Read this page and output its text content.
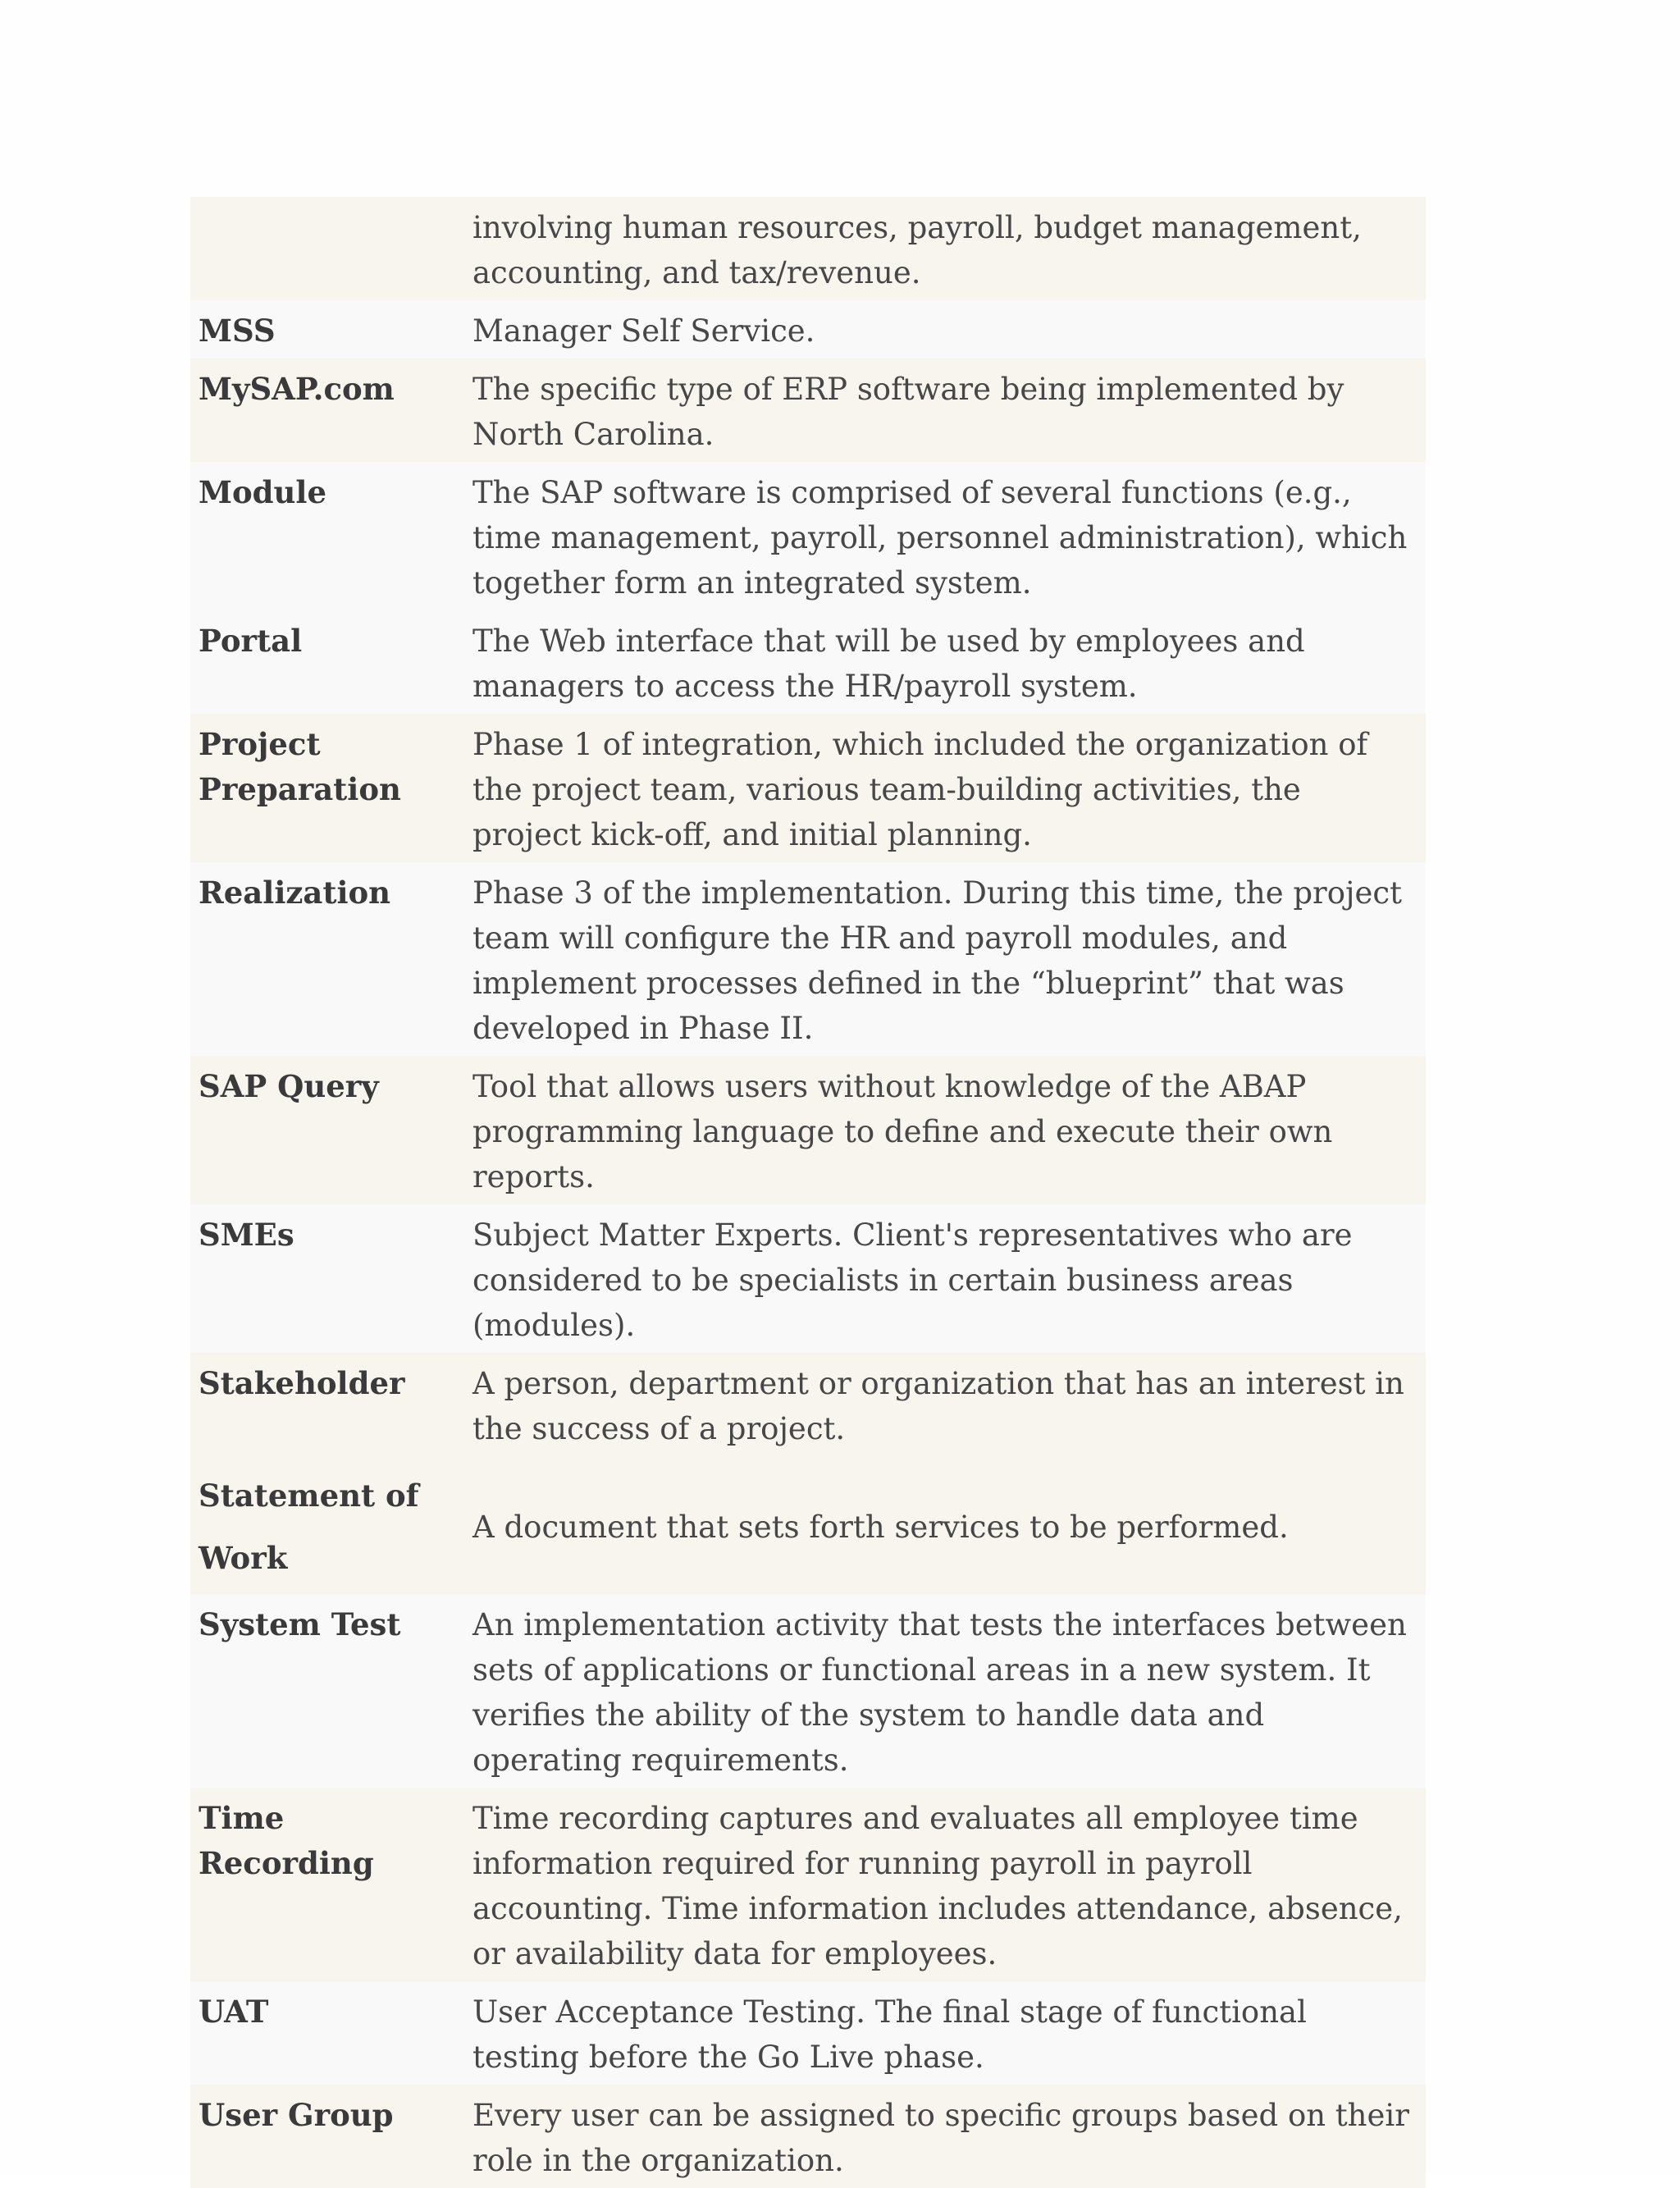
	involving human resources, payroll, budget management, accounting, and tax/revenue.
MSS	Manager Self Service.
MySAP.com	The specific type of ERP software being implemented by North Carolina.
Module	The SAP software is comprised of several functions (e.g., time management, payroll, personnel administration), which together form an integrated system.
Portal	The Web interface that will be used by employees and managers to access the HR/payroll system.
Project Preparation	Phase 1 of integration, which included the organization of the project team, various team-building activities, the project kick-off, and initial planning.
Realization	Phase 3 of the implementation. During this time, the project team will configure the HR and payroll modules, and implement processes defined in the “blueprint” that was developed in Phase II.
SAP Query	Tool that allows users without knowledge of the ABAP programming language to define and execute their own reports.
SMEs	Subject Matter Experts. Client's representatives who are considered to be specialists in certain business areas (modules).
Stakeholder	A person, department or organization that has an interest in the success of a project.
Statement of Work	A document that sets forth services to be performed.
System Test	An implementation activity that tests the interfaces between sets of applications or functional areas in a new system. It verifies the ability of the system to handle data and operating requirements.
Time Recording	Time recording captures and evaluates all employee time information required for running payroll in payroll accounting. Time information includes attendance, absence, or availability data for employees.
UAT	User Acceptance Testing. The final stage of functional testing before the Go Live phase.
User Group	Every user can be assigned to specific groups based on their role in the organization.
